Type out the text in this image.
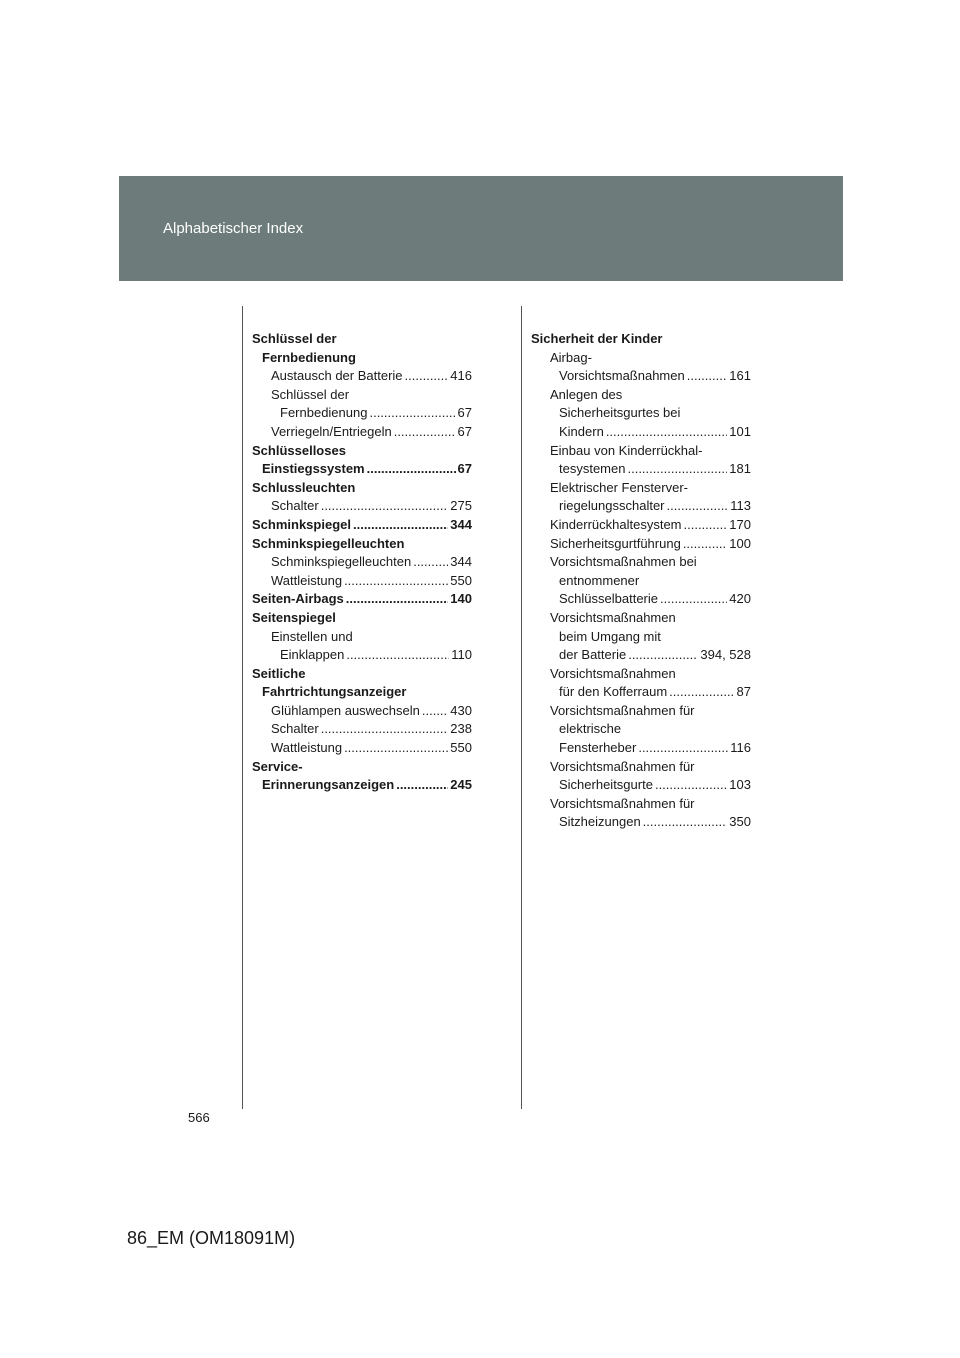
Alphabetischer Index
Schlüssel der
Fernbedienung
Austausch der Batterie .....	416
Schlüssel der
Fernbedienung .....	67
Verriegeln/Entriegeln .....	67
Schlüsselloses
Einstiegssystem .....	67
Schlussleuchten
Schalter .....	275
Schminkspiegel .....	344
Schminkspiegelleuchten
Schminkspiegelleuchten .....	344
Wattleistung .....	550
Seiten-Airbags .....	140
Seitenspiegel
Einstellen und
Einklappen .....	110
Seitliche
Fahrtrichtungsanzeiger
Glühlampen auswechseln ..... 430
Schalter .....	238
Wattleistung .....	550
Service-
Erinnerungsanzeigen .....	245
Sicherheit der Kinder
Airbag-
Vorsichtsmaßnahmen .....	161
Anlegen des
Sicherheitsgurtes bei
Kindern .....	101
Einbau von Kinderrückhal-
tesystemen .....	181
Elektrischer Fensterver-
riegelungsschalter .....	113
Kinderrückhaltesystem .....	170
Sicherheitsgurtführung .....	100
Vorsichtsmaßnahmen bei
entnommener
Schlüsselbatterie .....	420
Vorsichtsmaßnahmen
beim Umgang mit
der Batterie .....	394, 528
Vorsichtsmaßnahmen
für den Kofferraum .....	87
Vorsichtsmaßnahmen für
elektrische
Fensterheber .....	116
Vorsichtsmaßnahmen für
Sicherheitsgurte .....	103
Vorsichtsmaßnahmen für
Sitzheizungen .....	350
566
86_EM (OM18091M)
